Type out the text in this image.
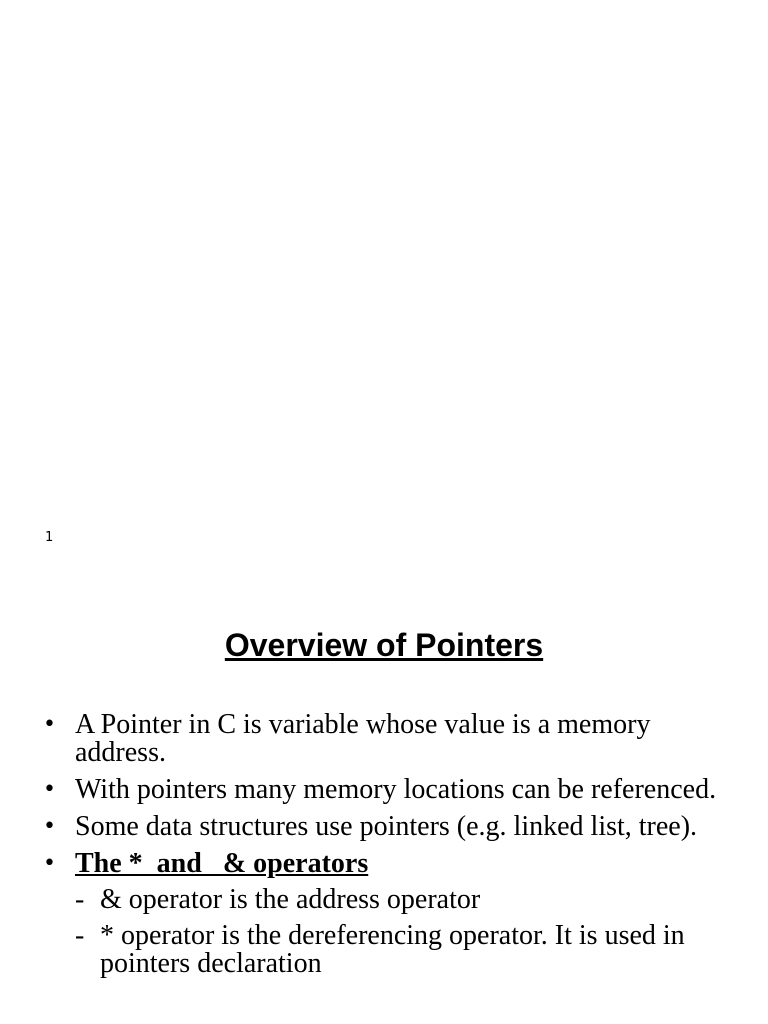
1
Overview of Pointers
• A Pointer in C is variable whose value is a memory address.
• With pointers many memory locations can be referenced.
• Some data structures use pointers (e.g. linked list, tree).
• The *  and   & operators
- & operator is the address operator
- * operator is the dereferencing operator. It is used in pointers declaration
